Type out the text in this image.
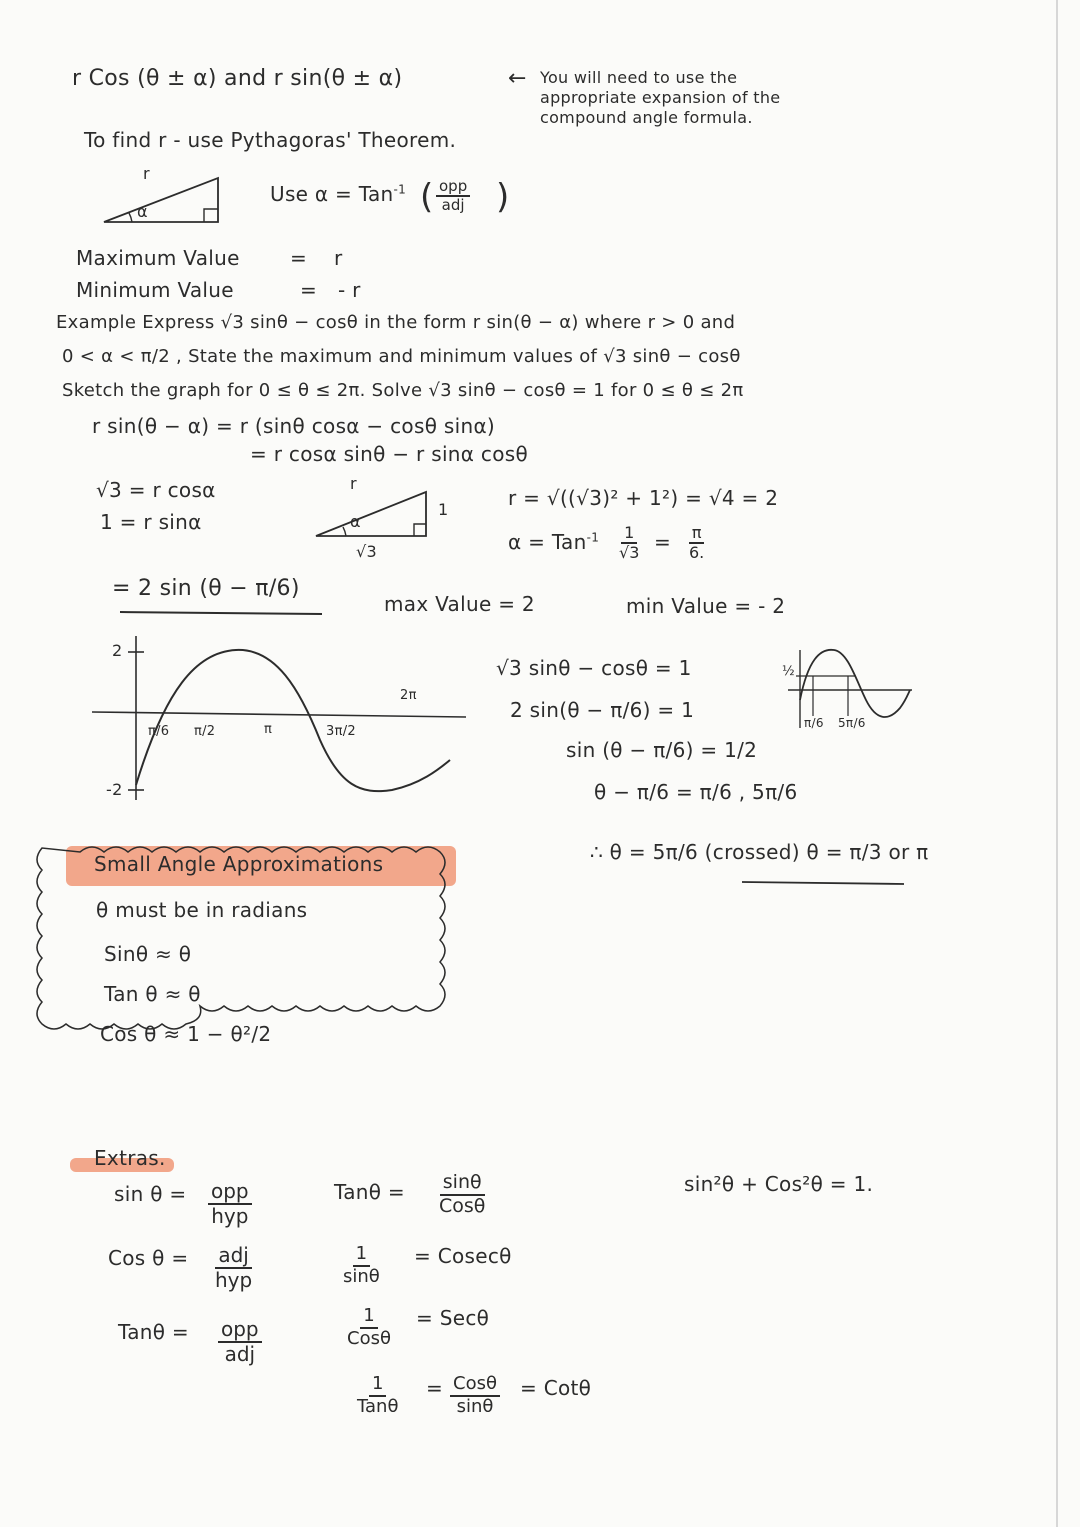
r Cos (θ ± α) and r sin(θ ± α)	← You will need to use the
appropriate expansion of the
compound angle formula.
To find r - use Pythagoras' Theorem.
r
α
Use α = Tan$^{-1}$ ( opp
adj )
Maximum Value	= r
Minimum Value	= - r
Example Express √3 sinθ − cosθ in the form r sin(θ − α) where r > 0 and
0 < α < π/2 , State the maximum and minimum values of √3 sinθ − cosθ
Sketch the graph for 0 ≤ θ ≤ 2π. Solve √3 sinθ − cosθ = 1 for 0 ≤ θ ≤ 2π
r sin(θ − α) = r (sinθ cosα − cosθ sinα)
= r cosα sinθ − r sinα cosθ
√3 = r cosα
1 = r sinα
r
α
1
√3
r = √((√3)² + 1²) = √4 = 2
$\alpha = Tan^{-1} \frac{1}{√3} = \frac{\pi}{6.}$
= 2 sin (θ − π/6)
max Value = 2	min Value = - 2
2
-2
π/6 π/2	π	3π/2
2π
√3 sinθ − cosθ = 1
2 sin(θ − π/6) = 1
sin (θ − π/6) = 1/2
θ − π/6 = π/6 , 5π/6
∴ θ = 5π/6 (crossed) θ = π/3 or π
½
π/6 5π/6
Small Angle Approximations
θ must be in radians
Sinθ ≈ θ
Tan θ ≈ θ
Cos θ ≈ 1 − θ²/2
Extras.
sin θ = opp
hyp
Cos θ = adj
hyp
Tanθ = opp
adj
Tanθ = sinθ
Cosθ
$\frac{1}{\sin\theta} = Cosec\theta$
1
Cosθ
= Secθ
1
Tanθ
= Cosθ
sinθ
= Cotθ
sin²θ + Cos²θ = 1.
